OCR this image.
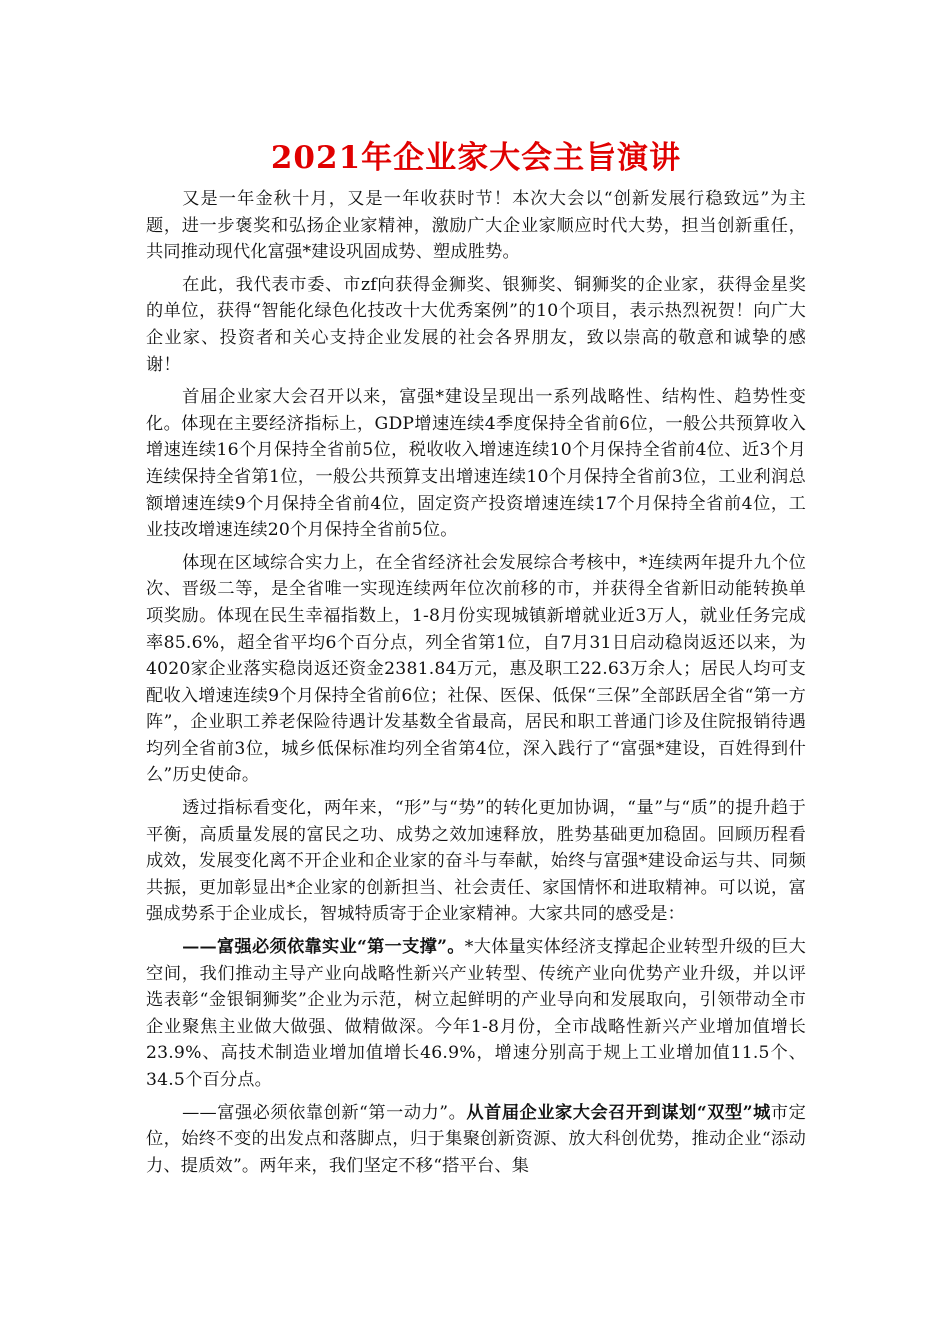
2021年企业家大会主旨演讲

又是一年金秋十月，又是一年收获时节！本次大会以“创新发展行稳致远”为主题，进一步褒奖和弘扬企业家精神，激励广大企业家顺应时代大势，担当创新重任，共同推动现代化富强*建设巩固成势、塑成胜势。

在此，我代表市委、市zf向获得金狮奖、银狮奖、铜狮奖的企业家，获得金星奖的单位，获得“智能化绿色化技改十大优秀案例”的10个项目，表示热烈祝贺！向广大企业家、投资者和关心支持企业发展的社会各界朋友，致以崇高的敬意和诚挚的感谢！

首届企业家大会召开以来，富强*建设呈现出一系列战略性、结构性、趋势性变化。体现在主要经济指标上，GDP增速连续4季度保持全省前6位，一般公共预算收入增速连续16个月保持全省前5位，税收收入增速连续10个月保持全省前4位、近3个月连续保持全省第1位，一般公共预算支出增速连续10个月保持全省前3位，工业利润总额增速连续9个月保持全省前4位，固定资产投资增速连续17个月保持全省前4位，工业技改增速连续20个月保持全省前5位。

体现在区域综合实力上，在全省经济社会发展综合考核中，*连续两年提升九个位次、晋级二等，是全省唯一实现连续两年位次前移的市，并获得全省新旧动能转换单项奖励。体现在民生幸福指数上，1-8月份实现城镇新增就业近3万人，就业任务完成率85.6%，超全省平均6个百分点，列全省第1位，自7月31日启动稳岗返还以来，为4020家企业落实稳岗返还资金2381.84万元，惠及职工22.63万余人；居民人均可支配收入增速连续9个月保持全省前6位；社保、医保、低保“三保”全部跃居全省“第一方阵”，企业职工养老保险待遇计发基数全省最高，居民和职工普通门诊及住院报销待遇均列全省前3位，城乡低保标准均列全省第4位，深入践行了“富强*建设，百姓得到什么”历史使命。

透过指标看变化，两年来，“形”与“势”的转化更加协调，“量”与“质”的提升趋于平衡，高质量发展的富民之功、成势之效加速释放，胜势基础更加稳固。回顾历程看成效，发展变化离不开企业和企业家的奋斗与奉献，始终与富强*建设命运与共、同频共振，更加彰显出*企业家的创新担当、社会责任、家国情怀和进取精神。可以说，富强成势系于企业成长，智城特质寄于企业家精神。大家共同的感受是：

——富强必须依靠实业“第一支撑”。*大体量实体经济支撑起企业转型升级的巨大空间，我们推动主导产业向战略性新兴产业转型、传统产业向优势产业升级，并以评选表彰“金银铜狮奖”企业为示范，树立起鲜明的产业导向和发展取向，引领带动全市企业聚焦主业做大做强、做精做深。今年1-8月份，全市战略性新兴产业增加值增长23.9%、高技术制造业增加值增长46.9%，增速分别高于规上工业增加值11.5个、34.5个百分点。

——富强必须依靠创新“第一动力”。从首届企业家大会召开到谋划“双型”城市定位，始终不变的出发点和落脚点，归于集聚创新资源、放大科创优势，推动企业“添动力、提质效”。两年来，我们坚定不移“搭平台、集
